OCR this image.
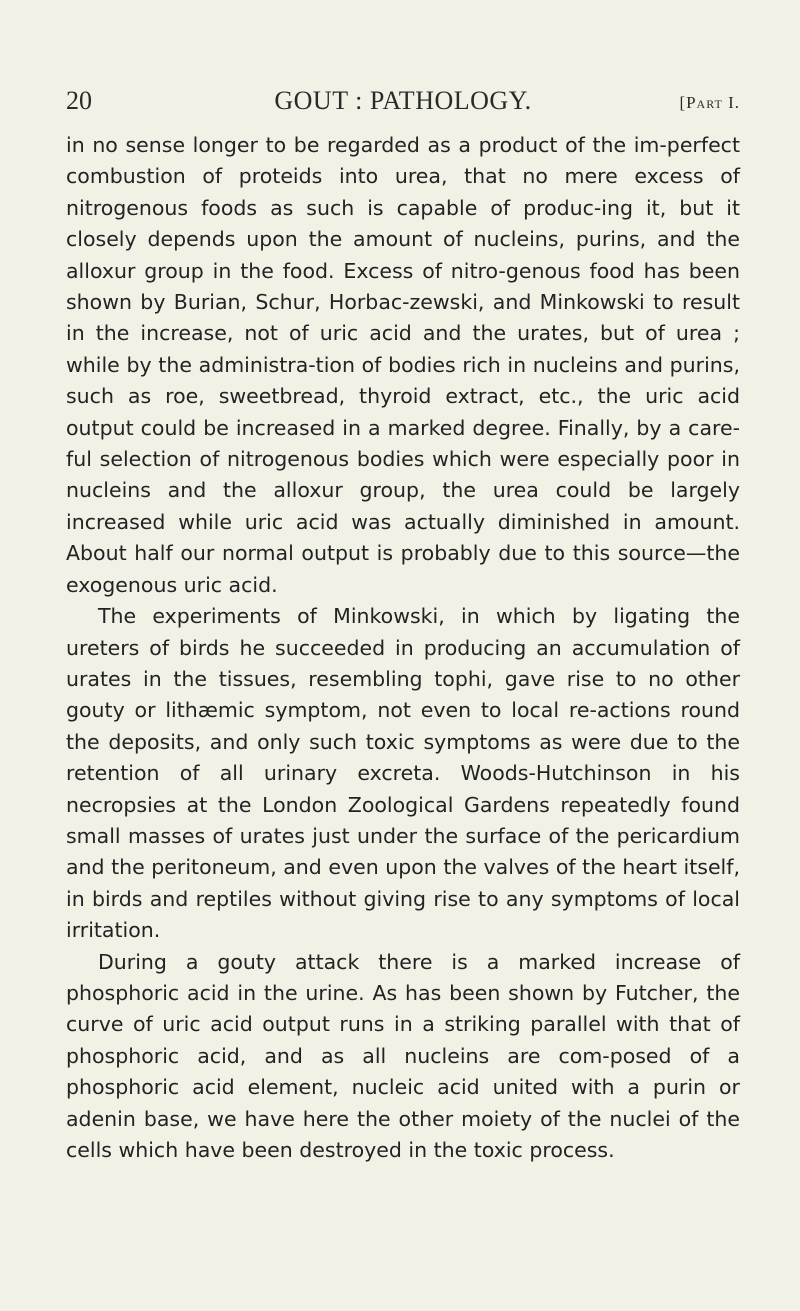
20	GOUT : PATHOLOGY.	[Part I.

in no sense longer to be regarded as a product of the im-perfect combustion of proteids into urea, that no mere excess of nitrogenous foods as such is capable of produc-ing it, but it closely depends upon the amount of nucleins, purins, and the alloxur group in the food. Excess of nitro-genous food has been shown by Burian, Schur, Horbac-zewski, and Minkowski to result in the increase, not of uric acid and the urates, but of urea ; while by the administra-tion of bodies rich in nucleins and purins, such as roe, sweetbread, thyroid extract, etc., the uric acid output could be increased in a marked degree. Finally, by a care-ful selection of nitrogenous bodies which were especially poor in nucleins and the alloxur group, the urea could be largely increased while uric acid was actually diminished in amount. About half our normal output is probably due to this source—the exogenous uric acid.

The experiments of Minkowski, in which by ligating the ureters of birds he succeeded in producing an accumulation of urates in the tissues, resembling tophi, gave rise to no other gouty or lithæmic symptom, not even to local re-actions round the deposits, and only such toxic symptoms as were due to the retention of all urinary excreta. Woods-Hutchinson in his necropsies at the London Zoological Gardens repeatedly found small masses of urates just under the surface of the pericardium and the peritoneum, and even upon the valves of the heart itself, in birds and reptiles without giving rise to any symptoms of local irritation.

During a gouty attack there is a marked increase of phosphoric acid in the urine. As has been shown by Futcher, the curve of uric acid output runs in a striking parallel with that of phosphoric acid, and as all nucleins are com-posed of a phosphoric acid element, nucleic acid united with a purin or adenin base, we have here the other moiety of the nuclei of the cells which have been destroyed in the toxic process.
